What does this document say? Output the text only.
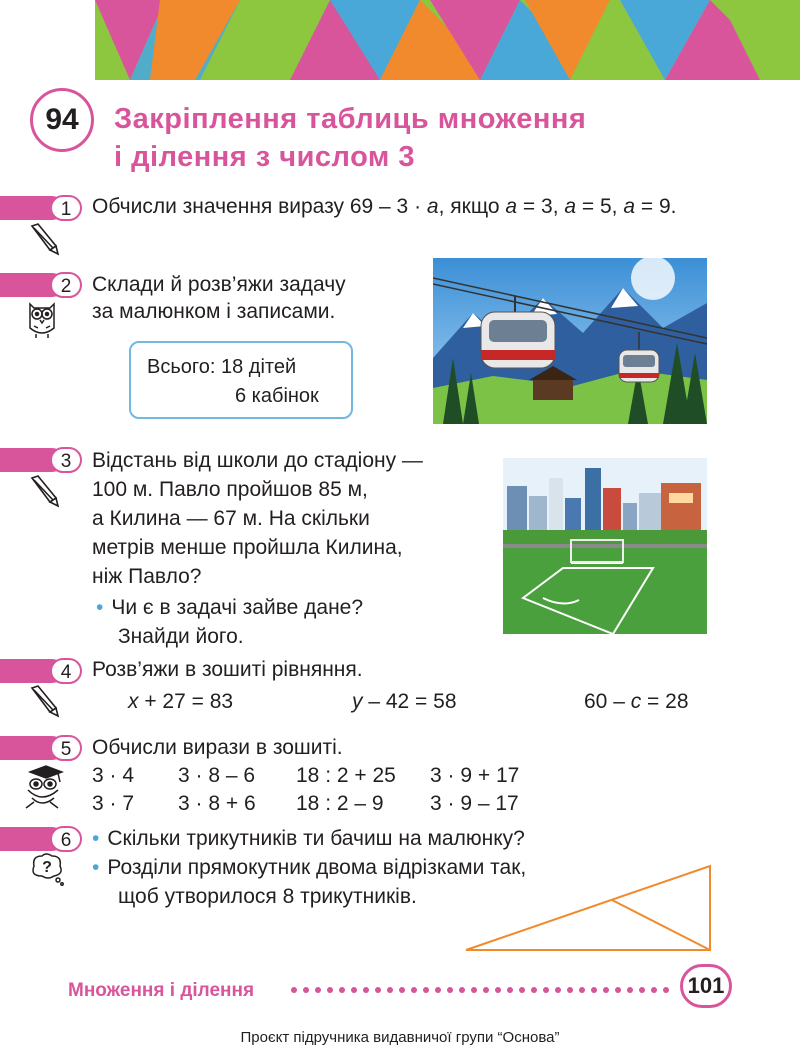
94	Закріплення таблиць множення
і ділення з числом 3
1 Обчисли значення виразу 69 – 3 · a, якщо a = 3, a = 5, a = 9.
2 Склади й розв’яжи задачу
за малюнком і записами.
Всього: 18 дітей
6 кабінок
3 Відстань від школи до стадіону —
100 м. Павло пройшов 85 м,
а Килина — 67 м. На скільки
метрів менше пройшла Килина,
ніж Павло?
• Чи є в задачі зайве дане?
Знайди його.
4 Розв’яжи в зошиті рівняння.
x + 27 = 83	y – 42 = 58	60 – c = 28
5 Обчисли вирази в зошиті.
3 · 4 3 · 8 – 6 18 : 2 + 25 3 · 9 + 17
3 · 7 3 · 8 + 6 18 : 2 – 9 3 · 9 – 17
6 • Скільки трикутників ти бачиш на малюнку?
• Розділи прямокутник двома відрізками так,
щоб утворилося 8 трикутників.
?
Множення і ділення	101
Проєкт підручника видавничої групи “Основа”
